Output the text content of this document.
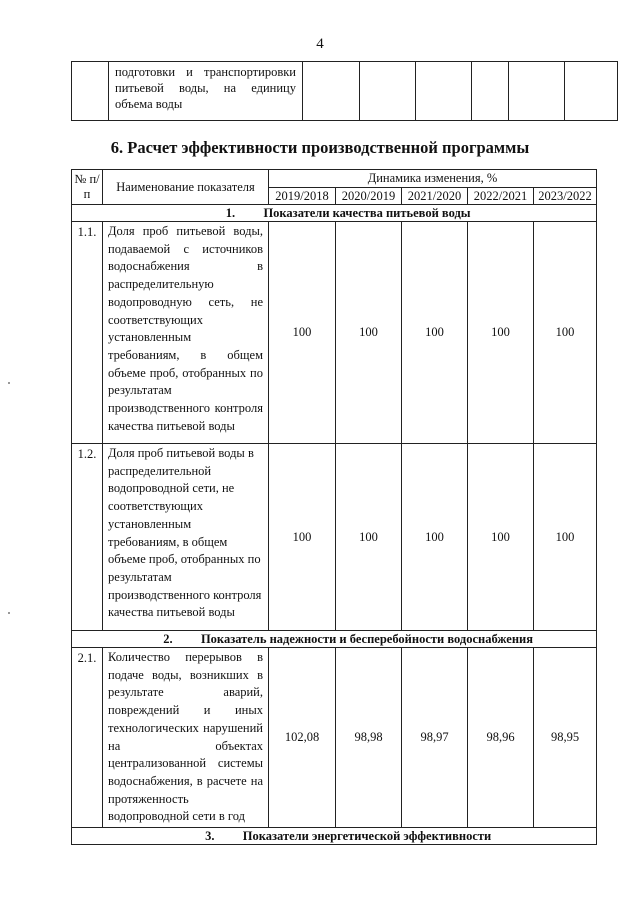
4

подготовки и транспортировки питьевой воды, на единицу объема воды

6. Расчет эффективности производственной программы
№ п/п	Наименование показателя	Динамика изменения, %				
		2019/2018	2020/2019	2021/2020	2022/2021	2023/2022
1. Показатели качества питьевой воды						
1.1.	Доля проб питьевой воды, подаваемой с источников водоснабжения в распределительную водопроводную сеть, не соответствующих установленным требованиям, в общем объеме проб, отобранных по результатам производственного контроля качества питьевой воды	100	100	100	100	100
1.2.	Доля проб питьевой воды в распределительной водопроводной сети, не соответствующих установленным требованиям, в общем объеме проб, отобранных по результатам производственного контроля качества питьевой воды	100	100	100	100	100
2. Показатель надежности и бесперебойности водоснабжения						
2.1.	Количество перерывов в подаче воды, возникших в результате аварий, повреждений и иных технологических нарушений на объектах централизованной системы водоснабжения, в расчете на протяженность водопроводной сети в год	102,08	98,98	98,97	98,96	98,95
3. Показатели энергетической эффективности						
